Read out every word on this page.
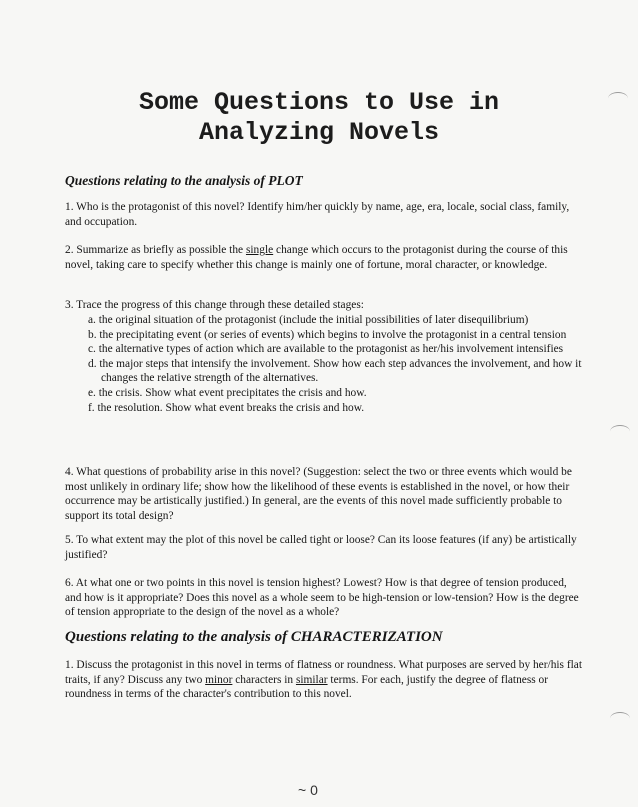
Some Questions to Use in
Analyzing Novels
Questions relating to the analysis of PLOT

1. Who is the protagonist of this novel? Identify him/her quickly by name, age, era, locale, social class, family, and occupation.

2. Summarize as briefly as possible the single change which occurs to the protagonist during the course of this novel, taking care to specify whether this change is mainly one of fortune, moral character, or knowledge.

3. Trace the progress of this change through these detailed stages:

a. the original situation of the protagonist (include the initial possibilities of later disequilibrium)
b. the precipitating event (or series of events) which begins to involve the protagonist in a central tension
c. the alternative types of action which are available to the protagonist as her/his involvement intensifies
d. the major steps that intensify the involvement. Show how each step advances the involvement, and how it changes the relative strength of the alternatives.
e. the crisis. Show what event precipitates the crisis and how.
f. the resolution. Show what event breaks the crisis and how.

4. What questions of probability arise in this novel? (Suggestion: select the two or three events which would be most unlikely in ordinary life; show how the likelihood of these events is established in the novel, or how their occurrence may be artistically justified.) In general, are the events of this novel made sufficiently probable to support its total design?

5. To what extent may the plot of this novel be called tight or loose? Can its loose features (if any) be artistically justified?

6. At what one or two points in this novel is tension highest? Lowest? How is that degree of tension produced, and how is it appropriate? Does this novel as a whole seem to be high-tension or low-tension? How is the degree of tension appropriate to the design of the novel as a whole?

Questions relating to the analysis of CHARACTERIZATION

1. Discuss the protagonist in this novel in terms of flatness or roundness. What purposes are served by her/his flat traits, if any? Discuss any two minor characters in similar terms. For each, justify the degree of flatness or roundness in terms of the character's contribution to this novel.

~ 0
